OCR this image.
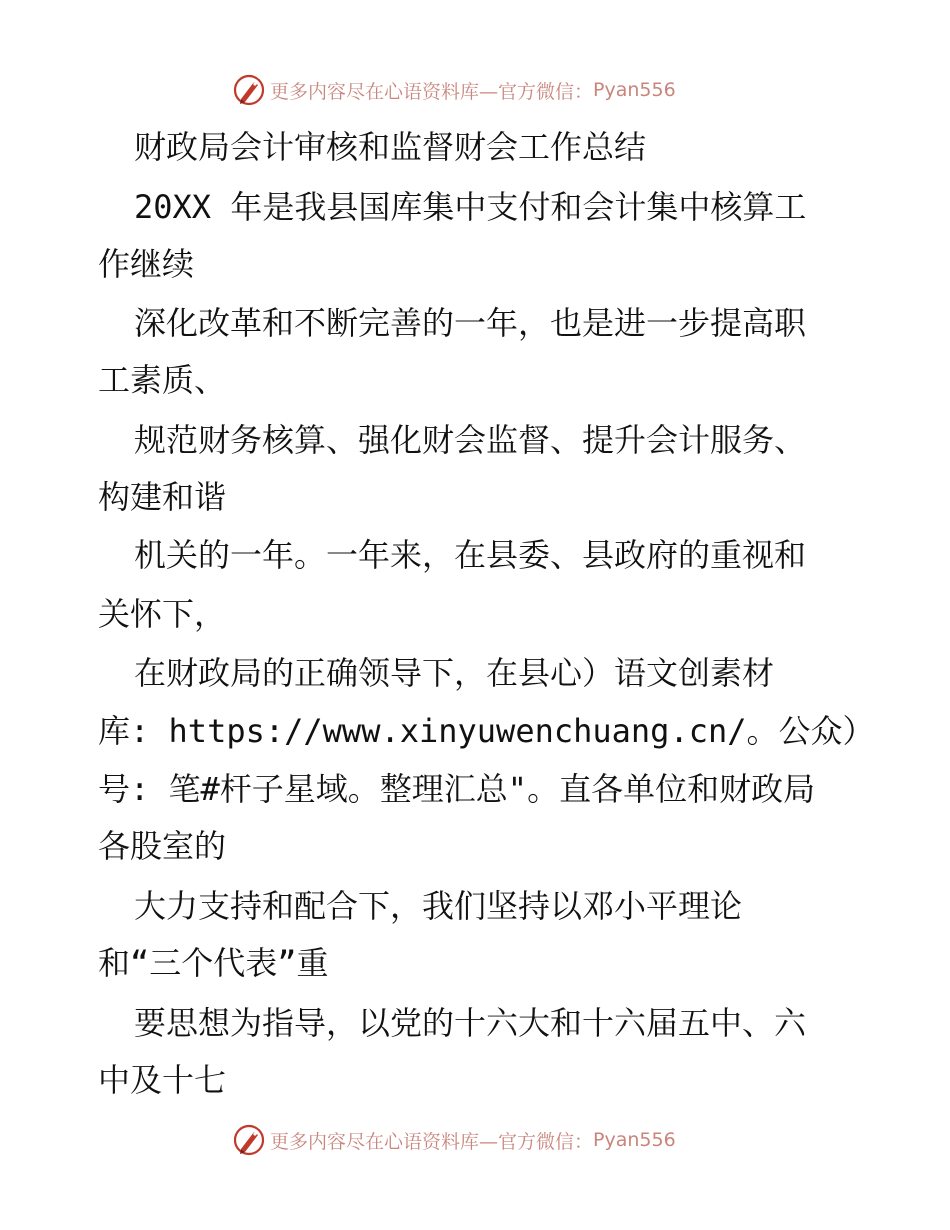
更多内容尽在心语资料库—官方微信： Pyan556
财政局会计审核和监督财会工作总结
20XX 年是我县国库集中支付和会计集中核算工
作继续
深化改革和不断完善的一年，也是进一步提高职
工素质、
规范财务核算、强化财会监督、提升会计服务、
构建和谐
机关的一年。一年来，在县委、县政府的重视和
关怀下，
在财政局的正确领导下，在县心）语文创素材
库: https://www.xinyuwenchuang.cn/。公众）
号: 笔#杆子星域。整理汇总"。直各单位和财政局
各股室的
大力支持和配合下，我们坚持以邓小平理论
和“三个代表”重
要思想为指导，以党的十六大和十六届五中、六
中及十七
更多内容尽在心语资料库—官方微信： Pyan556
